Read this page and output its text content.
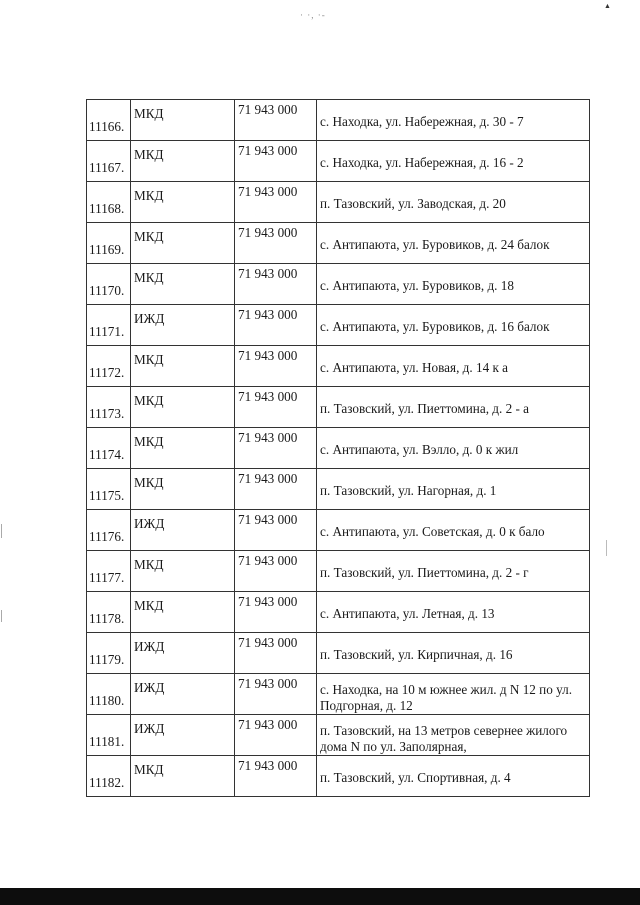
· ·, ·-
▲
11166.	МКД	71 943 000	с. Находка, ул. Набережная, д. 30 - 7
11167.	МКД	71 943 000	с. Находка, ул. Набережная, д. 16 - 2
11168.	МКД	71 943 000	п. Тазовский, ул. Заводская, д. 20
11169.	МКД	71 943 000	с. Антипаюта, ул. Буровиков, д. 24 балок
11170.	МКД	71 943 000	с. Антипаюта, ул. Буровиков, д. 18
11171.	ИЖД	71 943 000	с. Антипаюта, ул. Буровиков, д. 16 балок
11172.	МКД	71 943 000	с. Антипаюта, ул. Новая, д. 14 к а
11173.	МКД	71 943 000	п. Тазовский, ул. Пиеттомина, д. 2 - а
11174.	МКД	71 943 000	с. Антипаюта, ул. Вэлло, д. 0 к жил
11175.	МКД	71 943 000	п. Тазовский, ул. Нагорная, д. 1
11176.	ИЖД	71 943 000	с. Антипаюта, ул. Советская, д. 0 к бало
11177.	МКД	71 943 000	п. Тазовский, ул. Пиеттомина, д. 2 - г
11178.	МКД	71 943 000	с. Антипаюта, ул. Летная, д. 13
11179.	ИЖД	71 943 000	п. Тазовский, ул. Кирпичная, д. 16
11180.	ИЖД	71 943 000	с. Находка, на 10 м южнее жил. д N 12 по ул. Подгорная, д. 12
11181.	ИЖД	71 943 000	п. Тазовский, на 13 метров севернее жилого дома N по ул. Заполярная,
11182.	МКД	71 943 000	п. Тазовский, ул. Спортивная, д. 4
